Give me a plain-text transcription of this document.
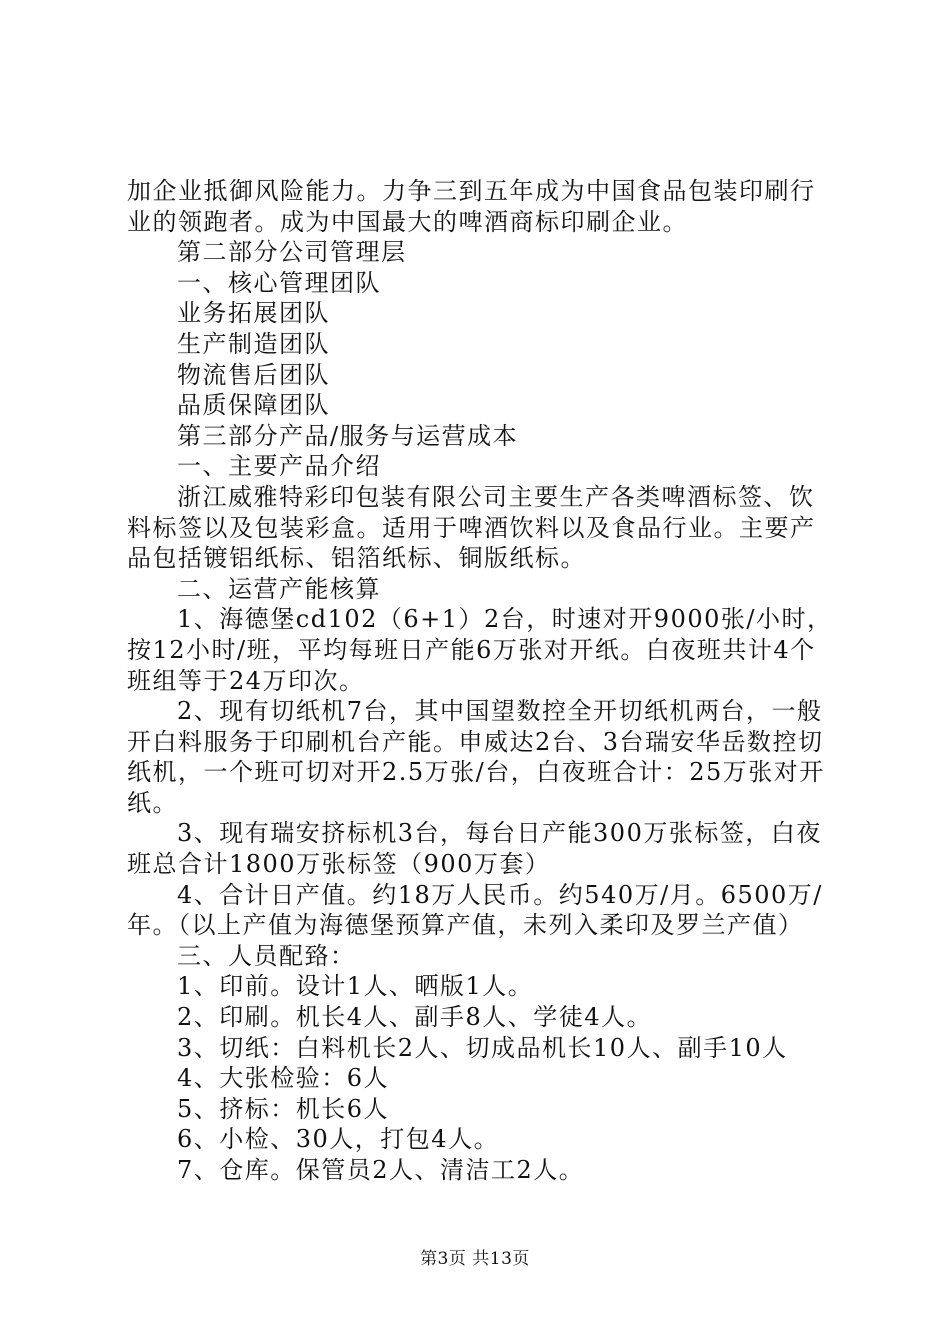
加企业抵御风险能力。力争三到五年成为中国食品包装印刷行业的领跑者。成为中国最大的啤酒商标印刷企业。

第二部分公司管理层

一、核心管理团队

业务拓展团队

生产制造团队

物流售后团队

品质保障团队

第三部分产品/服务与运营成本

一、主要产品介绍

浙江威雅特彩印包装有限公司主要生产各类啤酒标签、饮料标签以及包装彩盒。适用于啤酒饮料以及食品行业。主要产品包括镀铝纸标、铝箔纸标、铜版纸标。

二、运营产能核算

1、海德堡cd102（6+1）2台，时速对开9000张/小时，按12小时/班，平均每班日产能6万张对开纸。白夜班共计4个班组等于24万印次。

2、现有切纸机7台，其中国望数控全开切纸机两台，一般开白料服务于印刷机台产能。申威达2台、3台瑞安华岳数控切纸机，一个班可切对开2.5万张/台，白夜班合计：25万张对开纸。

3、现有瑞安挤标机3台，每台日产能300万张标签，白夜班总合计1800万张标签（900万套）

4、合计日产值。约18万人民币。约540万/月。6500万/年。（以上产值为海德堡预算产值，未列入柔印及罗兰产值）

三、人员配臵：

1、印前。设计1人、晒版1人。

2、印刷。机长4人、副手8人、学徒4人。

3、切纸：白料机长2人、切成品机长10人、副手10人

4、大张检验：6人

5、挤标：机长6人

6、小检、30人，打包4人。

7、仓库。保管员2人、清洁工2人。

第3页 共13页
